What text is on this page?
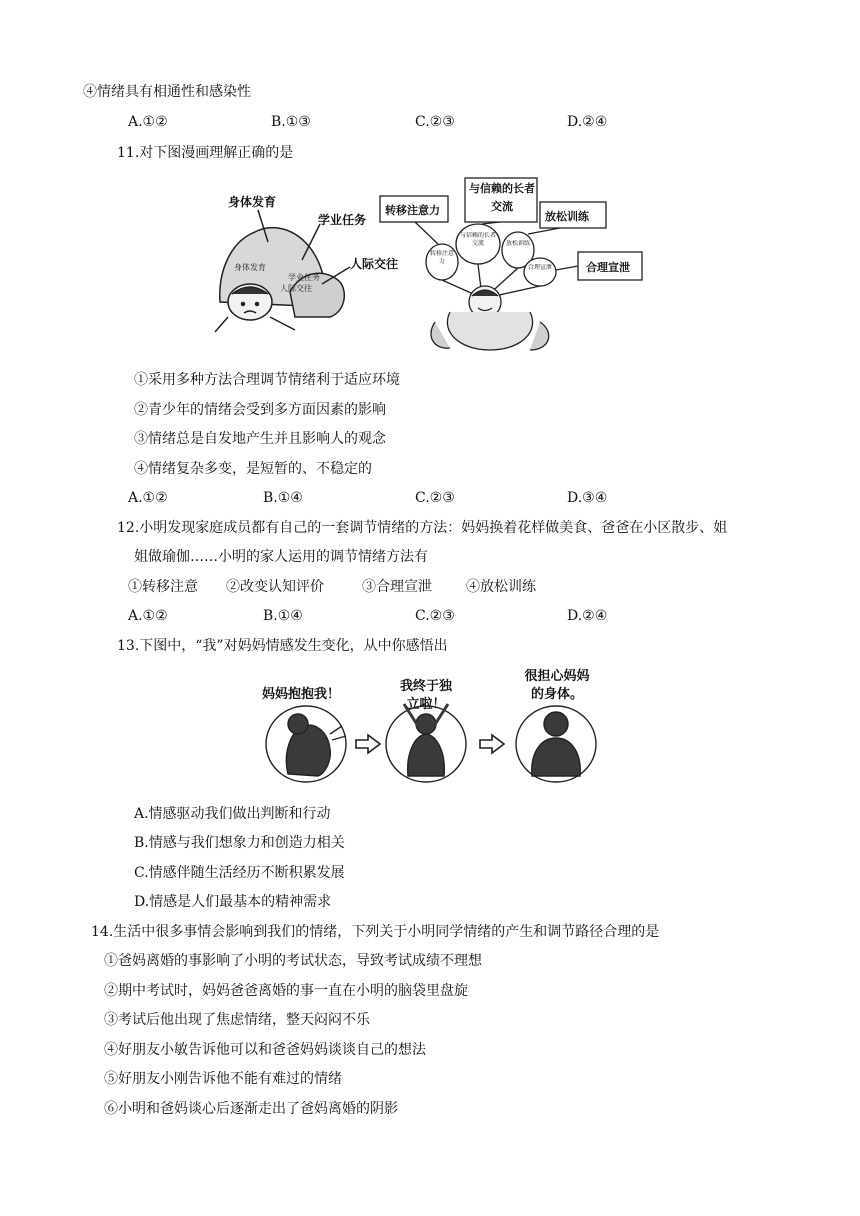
④情绪具有相通性和感染性
A.①②	B.①③	C.②③	D.②④
11.对下图漫画理解正确的是
身体发育
学业任务
人际交往
身体发育
学业任务
人际交往
转移注意力
与信赖的长者交流
放松训练
合理宣泄
转移注意力
与信赖的长者交流	放松训练
合理宣泄
①采用多种方法合理调节情绪利于适应环境
②青少年的情绪会受到多方面因素的影响
③情绪总是自发地产生并且影响人的观念
④情绪复杂多变，是短暂的、不稳定的
A.①②	B.①④	C.②③	D.③④
12.小明发现家庭成员都有自己的一套调节情绪的方法：妈妈换着花样做美食、爸爸在小区散步、姐
姐做瑜伽……小明的家人运用的调节情绪方法有
①转移注意 ②改变认知评价	③合理宣泄 ④放松训练
A.①②	B.①④	C.②③	D.②④
13.下图中，“我”对妈妈情感发生变化，从中你感悟出
妈妈抱抱我！
我终于独立啦！
很担心妈妈的身体。
A.情感驱动我们做出判断和行动
B.情感与我们想象力和创造力相关
C.情感伴随生活经历不断积累发展
D.情感是人们最基本的精神需求
14.生活中很多事情会影响到我们的情绪，下列关于小明同学情绪的产生和调节路径合理的是
①爸妈离婚的事影响了小明的考试状态，导致考试成绩不理想
②期中考试时，妈妈爸爸离婚的事一直在小明的脑袋里盘旋
③考试后他出现了焦虑情绪，整天闷闷不乐
④好朋友小敏告诉他可以和爸爸妈妈谈谈自己的想法
⑤好朋友小刚告诉他不能有难过的情绪
⑥小明和爸妈谈心后逐渐走出了爸妈离婚的阴影
